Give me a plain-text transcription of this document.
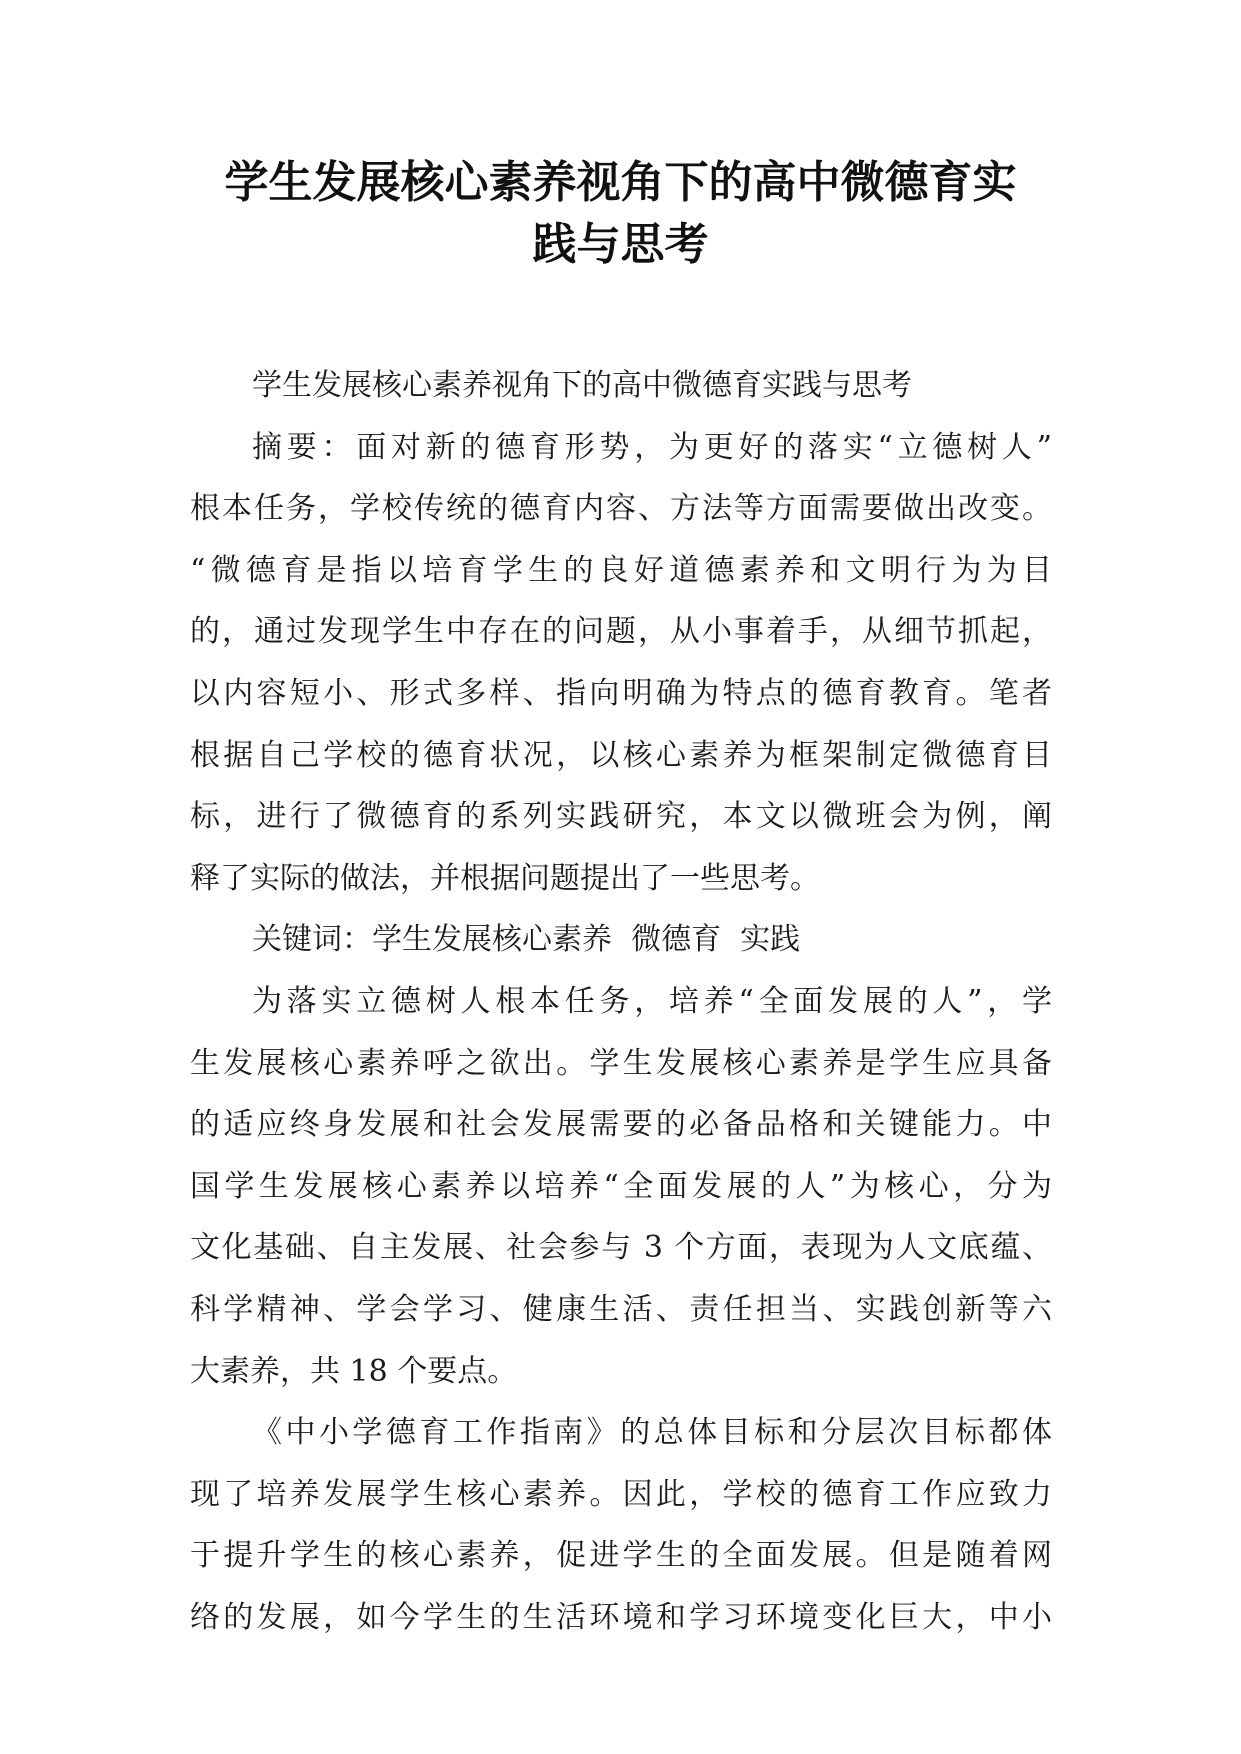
学生发展核心素养视角下的高中微德育实
践与思考
学生发展核心素养视角下的高中微德育实践与思考
摘要：面对新的德育形势，为更好的落实“立德树人”
根本任务，学校传统的德育内容、方法等方面需要做出改变。
“微德育是指以培育学生的良好道德素养和文明行为为目
的，通过发现学生中存在的问题，从小事着手，从细节抓起，
以内容短小、形式多样、指向明确为特点的德育教育。笔者
根据自己学校的德育状况，以核心素养为框架制定微德育目
标，进行了微德育的系列实践研究，本文以微班会为例，阐
释了实际的做法，并根据问题提出了一些思考。
关键词：学生发展核心素养  微德育  实践
为落实立德树人根本任务，培养“全面发展的人”，学
生发展核心素养呼之欲出。学生发展核心素养是学生应具备
的适应终身发展和社会发展需要的必备品格和关键能力。中
国学生发展核心素养以培养“全面发展的人”为核心，分为
文化基础、自主发展、社会参与 3 个方面，表现为人文底蕴、
科学精神、学会学习、健康生活、责任担当、实践创新等六
大素养，共 18 个要点。
《中小学德育工作指南》的总体目标和分层次目标都体
现了培养发展学生核心素养。因此，学校的德育工作应致力
于提升学生的核心素养，促进学生的全面发展。但是随着网
络的发展，如今学生的生活环境和学习环境变化巨大，中小
